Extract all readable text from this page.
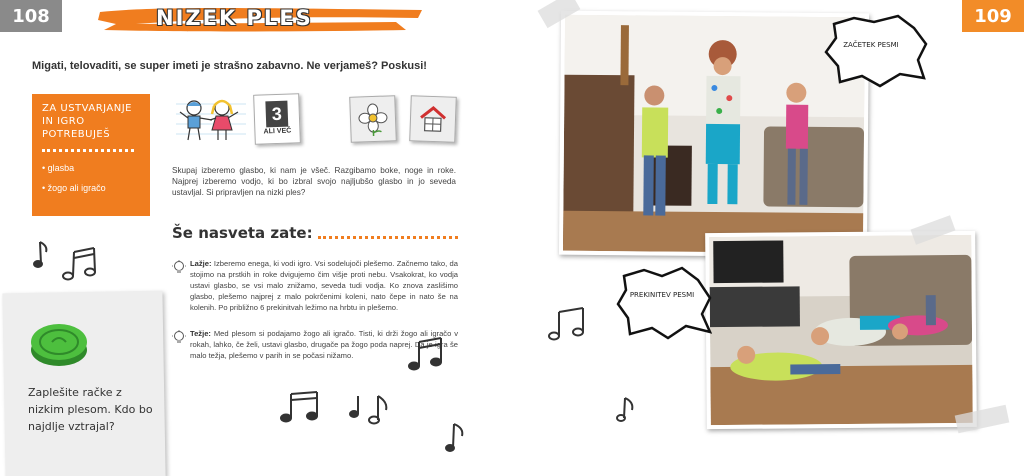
108	109
NIZEK PLES
Migati, telovaditi, se super imeti je strašno zabavno. Ne verjameš? Poskusi!
ZA USTVARJANJE IN IGRO POTREBUJEŠ
• glasba
• žogo ali igračo
3
ALI VEČ
Skupaj izberemo glasbo, ki nam je všeč. Razgibamo boke, noge in roke. Najprej izberemo vodjo, ki bo izbral svojo najljubšo glasbo in jo seveda ustavljal. Si pripravljen na nizki ples?
Še nasveta zate:
Lažje: Izberemo enega, ki vodi igro. Vsi sodelujoči plešemo. Začnemo tako, da stojimo na prstkih in roke dvigujemo čim višje proti nebu. Vsakokrat, ko vodja ustavi glasbo, se vsi malo znižamo, seveda tudi vodja. Ko znova zaslišimo glasbo, plešemo najprej z malo pokrčenimi koleni, nato čepe in nato še na kolenih. Po približno 6 prekinitvah ležimo na hrbtu in plešemo.
Težje: Med plesom si podajamo žogo ali igračo. Tisti, ki drži žogo ali igračo v rokah, lahko, če želi, ustavi glasbo, drugače pa žogo poda naprej. Da je igra še malo težja, plešemo v parih in se počasi nižamo.
Zaplešite račke z nizkim plesom. Kdo bo najdlje vztrajal?
ZAČETEK PESMI
PREKINITEV PESMI
